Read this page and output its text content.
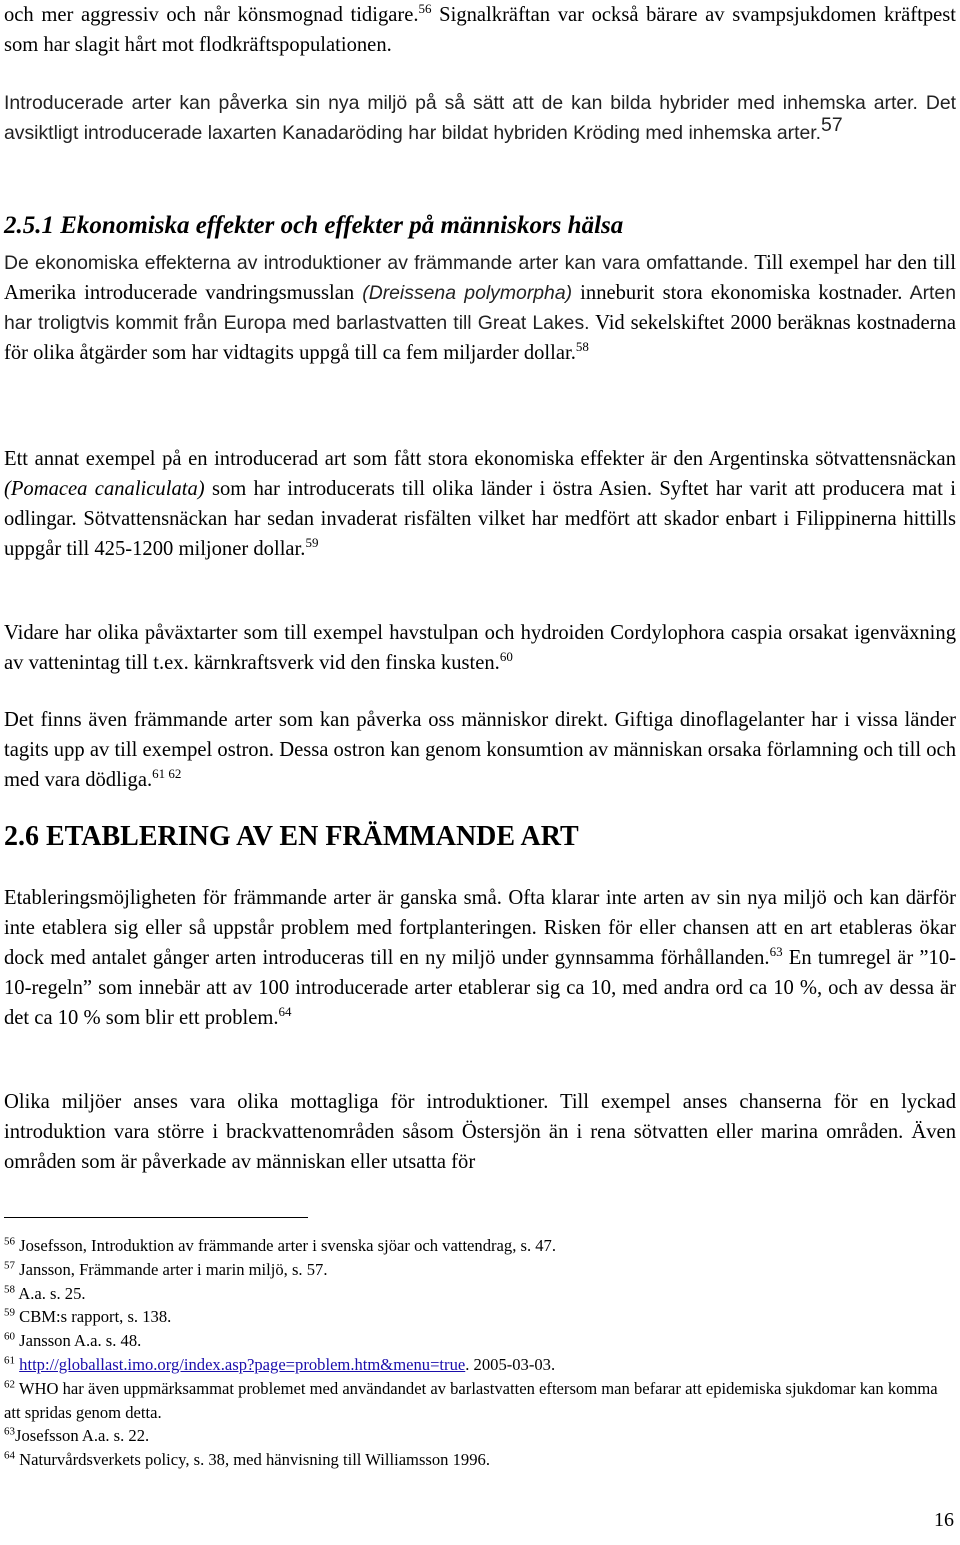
och mer aggressiv och når könsmognad tidigare.$^{56}$ Signalkräftan var också bärare av svampsjukdomen kräftpest som har slagit hårt mot flodkräftspopulationen.

Introducerade arter kan påverka sin nya miljö på så sätt att de kan bilda hybrider med inhemska arter. Det avsiktligt introducerade laxarten Kanadaröding har bildat hybriden Kröding med inhemska arter.$^{57}$

2.5.1 Ekonomiska effekter och effekter på människors hälsa

De ekonomiska effekterna av introduktioner av främmande arter kan vara omfattande. Till exempel har den till Amerika introducerade vandringsmusslan (Dreissena polymorpha) inneburit stora ekonomiska kostnader. Arten har troligtvis kommit från Europa med barlastvatten till Great Lakes. Vid sekelskiftet 2000 beräknas kostnaderna för olika åtgärder som har vidtagits uppgå till ca fem miljarder dollar.$^{58}$

Ett annat exempel på en introducerad art som fått stora ekonomiska effekter är den Argentinska sötvattensnäckan (Pomacea canaliculata) som har introducerats till olika länder i östra Asien. Syftet har varit att producera mat i odlingar. Sötvattensnäckan har sedan invaderat risfälten vilket har medfört att skador enbart i Filippinerna hittills uppgår till 425-1200 miljoner dollar.$^{59}$

Vidare har olika påväxtarter som till exempel havstulpan och hydroiden Cordylophora caspia orsakat igenväxning av vattenintag till t.ex. kärnkraftsverk vid den finska kusten.$^{60}$

Det finns även främmande arter som kan påverka oss människor direkt. Giftiga dinoflagelanter har i vissa länder tagits upp av till exempel ostron. Dessa ostron kan genom konsumtion av människan orsaka förlamning och till och med vara dödliga.$^{61 62}$

2.6 ETABLERING AV EN FRÄMMANDE ART

Etableringsmöjligheten för främmande arter är ganska små. Ofta klarar inte arten av sin nya miljö och kan därför inte etablera sig eller så uppstår problem med fortplanteringen. Risken för eller chansen att en art etableras ökar dock med antalet gånger arten introduceras till en ny miljö under gynnsamma förhållanden.$^{63}$ En tumregel är ”10-10-regeln” som innebär att av 100 introducerade arter etablerar sig ca 10, med andra ord ca 10 %, och av dessa är det ca 10 % som blir ett problem.$^{64}$

Olika miljöer anses vara olika mottagliga för introduktioner. Till exempel anses chanserna för en lyckad introduktion vara större i brackvattenområden såsom Östersjön än i rena sötvatten eller marina områden. Även områden som är påverkade av människan eller utsatta för

$^{56}$ Josefsson, Introduktion av främmande arter i svenska sjöar och vattendrag, s. 47.

$^{57}$ Jansson, Främmande arter i marin miljö, s. 57.

$^{58}$ A.a. s. 25.

$^{59}$ CBM:s rapport, s. 138.

$^{60}$ Jansson A.a. s. 48.

$^{61}$ http://globallast.imo.org/index.asp?page=problem.htm&menu=true. 2005-03-03.

$^{62}$ WHO har även uppmärksammat problemet med användandet av barlastvatten eftersom man befarar att epidemiska sjukdomar kan komma att spridas genom detta.

$^{63}$Josefsson A.a. s. 22.

$^{64}$ Naturvårdsverkets policy, s. 38, med hänvisning till Williamsson 1996.

16
